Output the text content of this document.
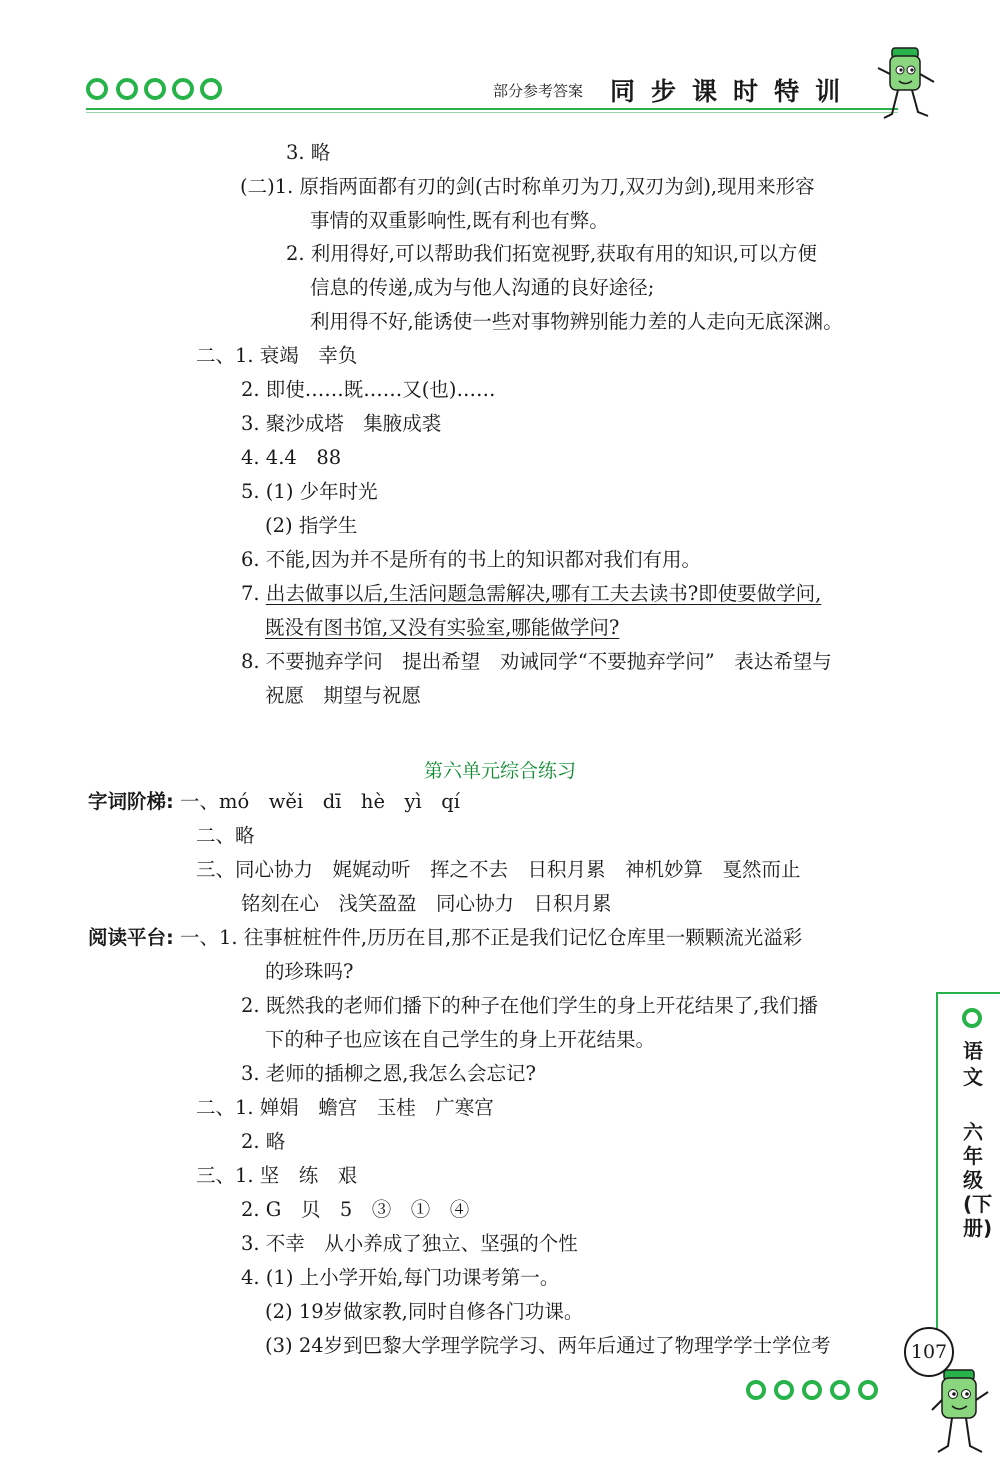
部分参考答案 同 步 课 时 特 训
3. 略
(二)1. 原指两面都有刃的剑(古时称单刃为刀,双刃为剑),现用来形容
事情的双重影响性,既有利也有弊。
2. 利用得好,可以帮助我们拓宽视野,获取有用的知识,可以方便
信息的传递,成为与他人沟通的良好途径;
利用得不好,能诱使一些对事物辨别能力差的人走向无底深渊。
二、1. 衰竭　幸负
2. 即使……既……又(也)……
3. 聚沙成塔　集腋成裘
4. 4.4　88
5. (1) 少年时光
(2) 指学生
6. 不能,因为并不是所有的书上的知识都对我们有用。
7. 出去做事以后,生活问题急需解决,哪有工夫去读书?即使要做学问,
既没有图书馆,又没有实验室,哪能做学问?
8. 不要抛弃学问　提出希望　劝诫同学“不要抛弃学问”　表达希望与
祝愿　期望与祝愿
字词阶梯: 一、mó　wěi　dī　hè　yì　qí
二、略
三、同心协力　娓娓动听　挥之不去　日积月累　神机妙算　戛然而止
铭刻在心　浅笑盈盈　同心协力　日积月累
阅读平台: 一、1. 往事桩桩件件,历历在目,那不正是我们记忆仓库里一颗颗流光溢彩
的珍珠吗?
2. 既然我的老师们播下的种子在他们学生的身上开花结果了,我们播
下的种子也应该在自己学生的身上开花结果。
3. 老师的插柳之恩,我怎么会忘记?
二、1. 婵娟　蟾宫　玉桂　广寒宫
2. 略
三、1. 坚　练　艰
2. G　贝　5　③　①　④
3. 不幸　从小养成了独立、坚强的个性
4. (1) 上小学开始,每门功课考第一。
(2) 19岁做家教,同时自修各门功课。
(3) 24岁到巴黎大学理学院学习、两年后通过了物理学学士学位考
第六单元综合练习
语文
六年级(下册)
107
